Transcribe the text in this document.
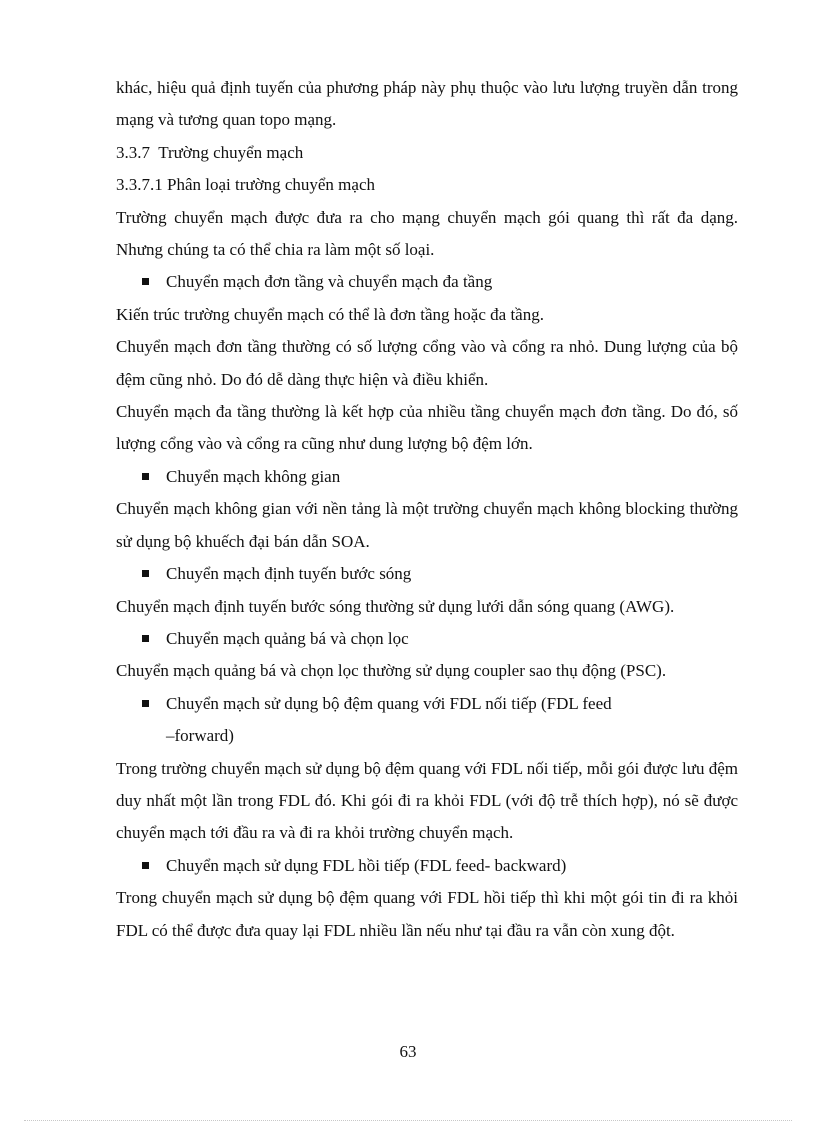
khác, hiệu quả định tuyến của phương pháp này phụ thuộc vào lưu lượng truyền dẫn trong mạng và tương quan topo mạng.

3.3.7  Trường chuyển mạch

3.3.7.1 Phân loại trường chuyển mạch

Trường chuyển mạch được đưa ra cho mạng chuyển mạch gói quang thì rất đa dạng. Nhưng chúng ta có thể chia ra làm một số loại.

Chuyển mạch đơn tầng và chuyển mạch đa tầng

Kiến trúc trường chuyển mạch có thể là đơn tầng hoặc đa tầng.

Chuyển mạch đơn tầng thường có số lượng cổng vào và cổng ra nhỏ. Dung lượng của bộ đệm cũng nhỏ. Do đó dễ dàng thực hiện và điều khiển.

Chuyển mạch đa tầng thường là kết hợp của nhiều tầng chuyển mạch đơn tầng. Do đó, số lượng cổng vào và cổng ra cũng như dung lượng bộ đệm lớn.

Chuyển mạch không gian

Chuyển mạch không gian với nền tảng là một trường chuyển mạch không blocking thường sử dụng bộ khuếch đại bán dẫn SOA.

Chuyển mạch định tuyến bước sóng

Chuyển mạch định tuyến bước sóng thường sử dụng lưới dẫn sóng quang (AWG).

Chuyển mạch quảng bá và chọn lọc

Chuyển mạch quảng bá và chọn lọc thường sử dụng coupler sao thụ động (PSC).

Chuyển mạch sử dụng bộ đệm quang với FDL nối tiếp (FDL feed –forward)

Trong trường chuyển mạch sử dụng bộ đệm quang với FDL nối tiếp, mỗi gói được lưu đệm duy nhất một lần trong FDL đó. Khi gói đi ra khỏi FDL (với độ trễ thích hợp), nó sẽ được chuyển mạch tới đầu ra và đi ra khỏi trường chuyển mạch.

Chuyển mạch sử dụng FDL hồi tiếp (FDL feed- backward)

Trong chuyển mạch sử dụng bộ đệm quang với FDL hồi tiếp thì khi một gói tin đi ra khỏi FDL có thể được đưa quay lại FDL nhiều lần nếu như tại đầu ra vẫn còn xung đột.

63
